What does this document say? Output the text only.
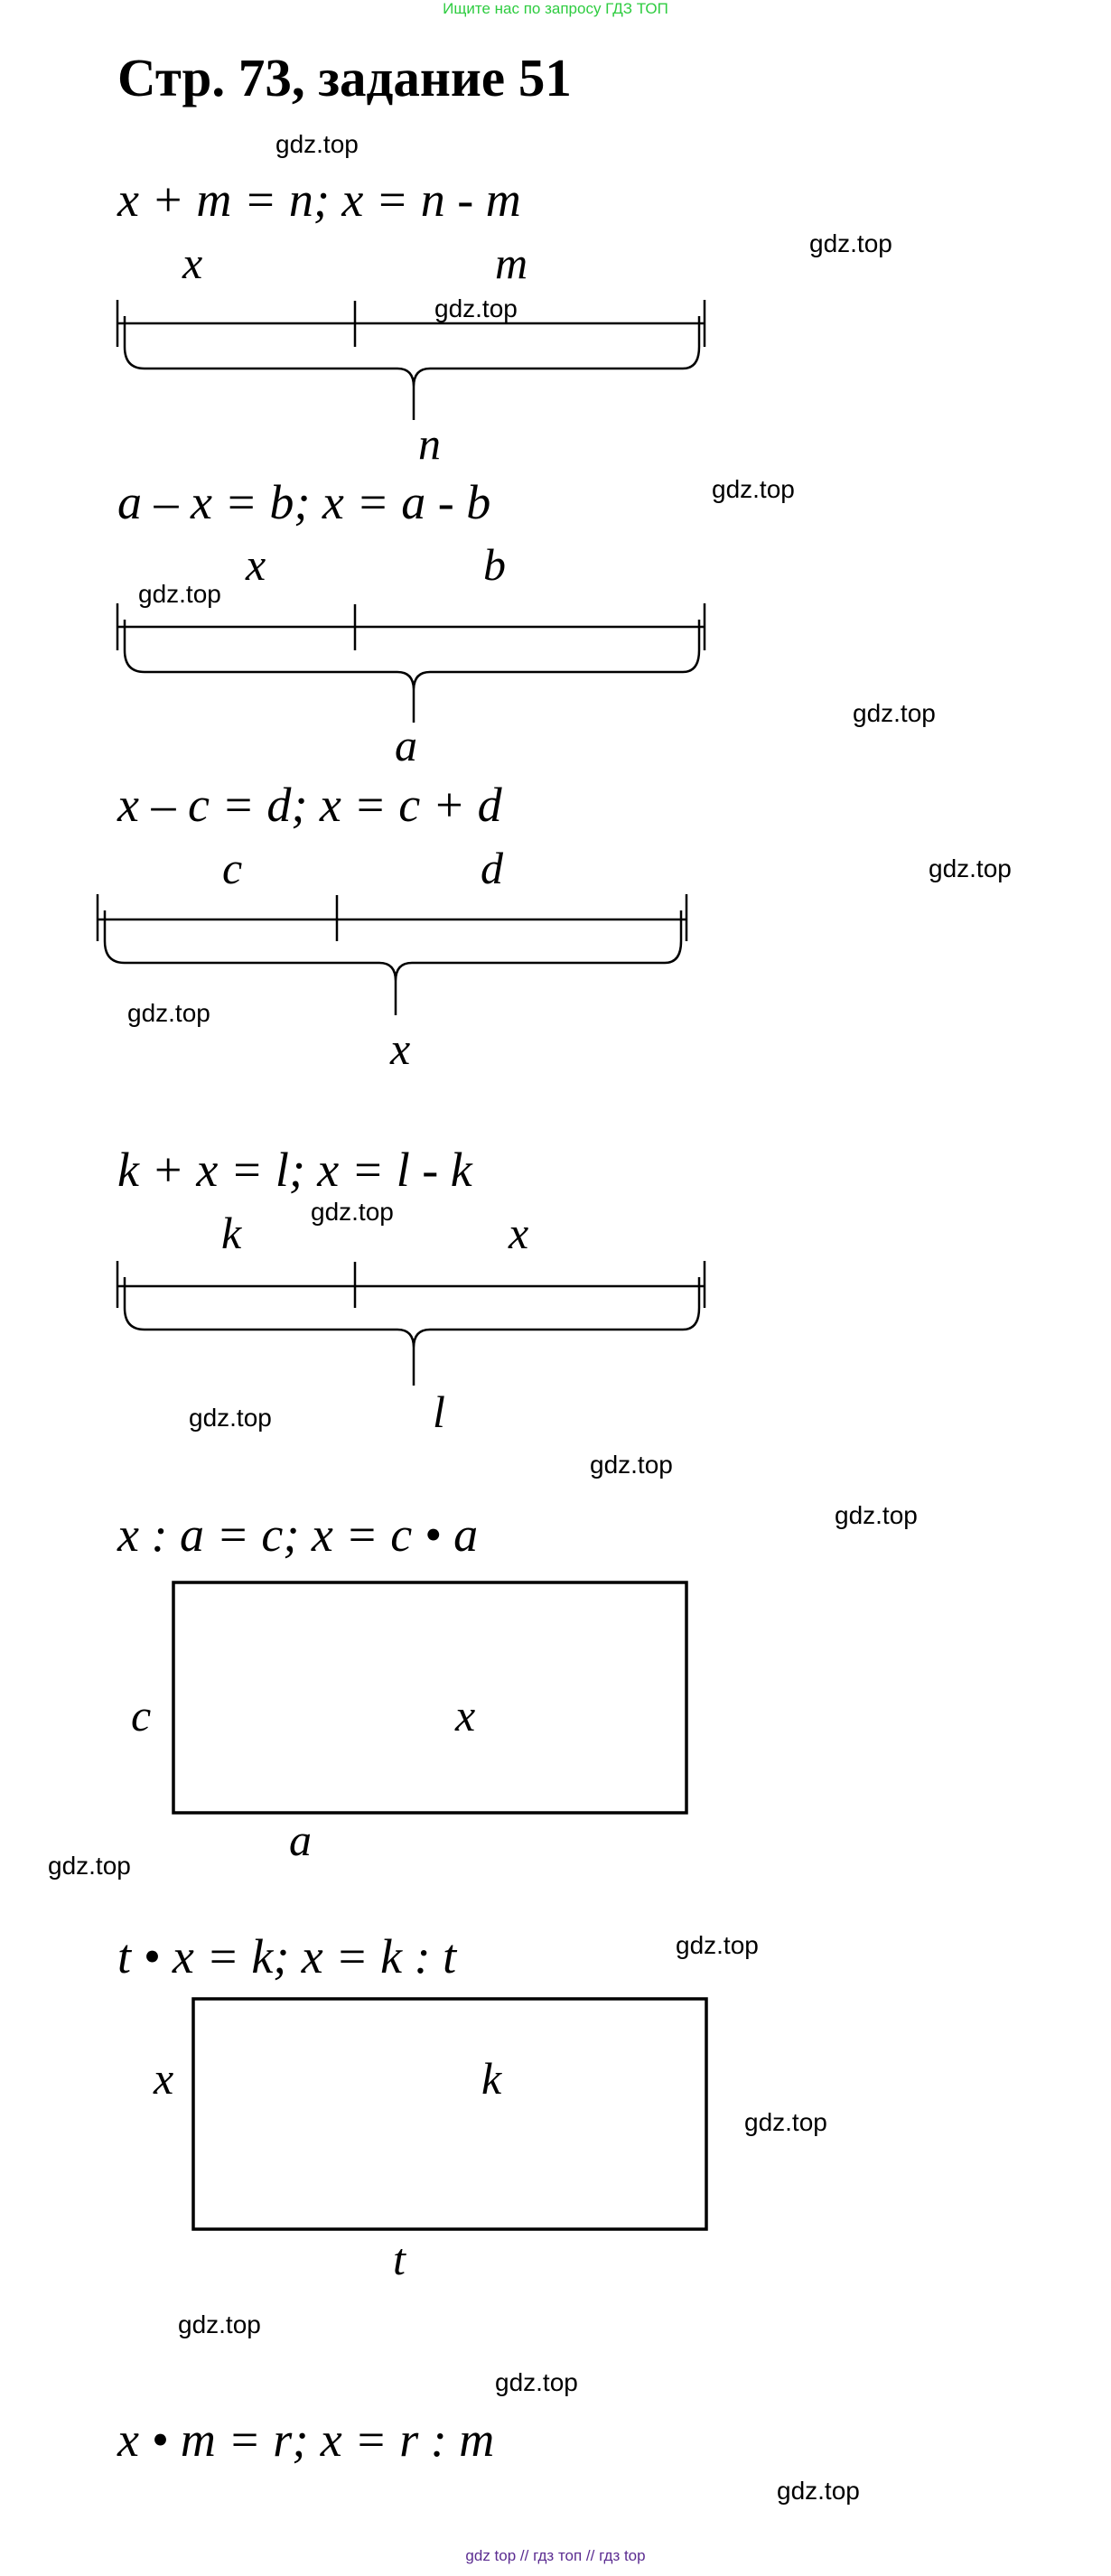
Ищите нас по запросу ГДЗ ТОП
Стр. 73, задание 51
x + m = n; x = n - m
x	m
n
a – x = b; x = a - b
x	b
a
x – c = d; x = c + d
c	d
x
k + x = l; x = l - k
k	x
l
x : a = c; x = c • a
c	x
a
t • x = k; x = k : t
x	k
t
x • m = r; x = r : m
gdz.top
gdz.top
gdz.top
gdz.top
gdz.top
gdz.top
gdz.top
gdz.top
gdz.top
gdz.top
gdz.top
gdz.top
gdz.top
gdz.top
gdz.top
gdz.top
gdz.top
gdz.top
gdz top // гдз топ // гдз top
